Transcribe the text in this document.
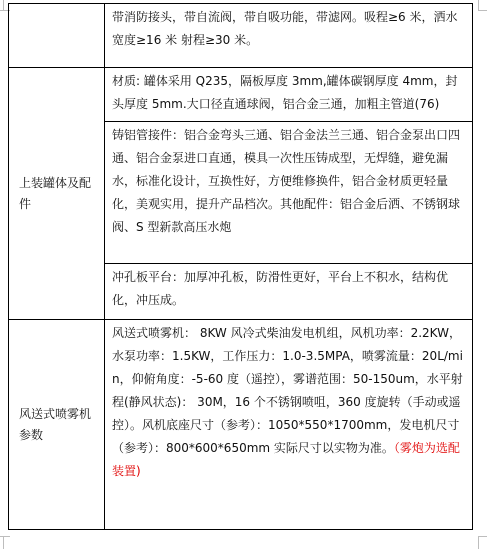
	带消防接头，带自流阀，带自吸功能，带滤网。吸程≥6 米，洒水宽度≥16 米 射程≥30 米。
上装罐体及配件	材质: 罐体采用 Q235，隔板厚度 3mm,罐体碳钢厚度 4mm，封头厚度 5mm.大口径直通球阀，铝合金三通，加粗主管道(76)
	铸铝管接件：铝合金弯头三通、铝合金法兰三通、铝合金泵出口四通、铝合金泵进口直通，模具一次性压铸成型，无焊缝，避免漏水，标准化设计，互换性好，方便维修换件，铝合金材质更轻量化，美观实用，提升产品档次。其他配件：铝合金后洒、不锈钢球阀、S 型新款高压水炮
	冲孔板平台：加厚冲孔板，防滑性更好，平台上不积水，结构优化，冲压成。
风送式喷雾机参数	风送式喷雾机： 8KW 风冷式柴油发电机组，风机功率：2.2KW，水泵功率：1.5KW，工作压力：1.0-3.5MPA，喷雾流量：20L/min，仰俯角度：-5-60 度（遥控），雾谱范围：50-150um，水平射程(静风状态)： 30M，16 个不锈钢喷咀，360 度旋转（手动或遥控）。风机底座尺寸（参考）：1050*550*1700mm，发电机尺寸（参考）：800*600*650mm 实际尺寸以实物为准。（雾炮为选配装置)
